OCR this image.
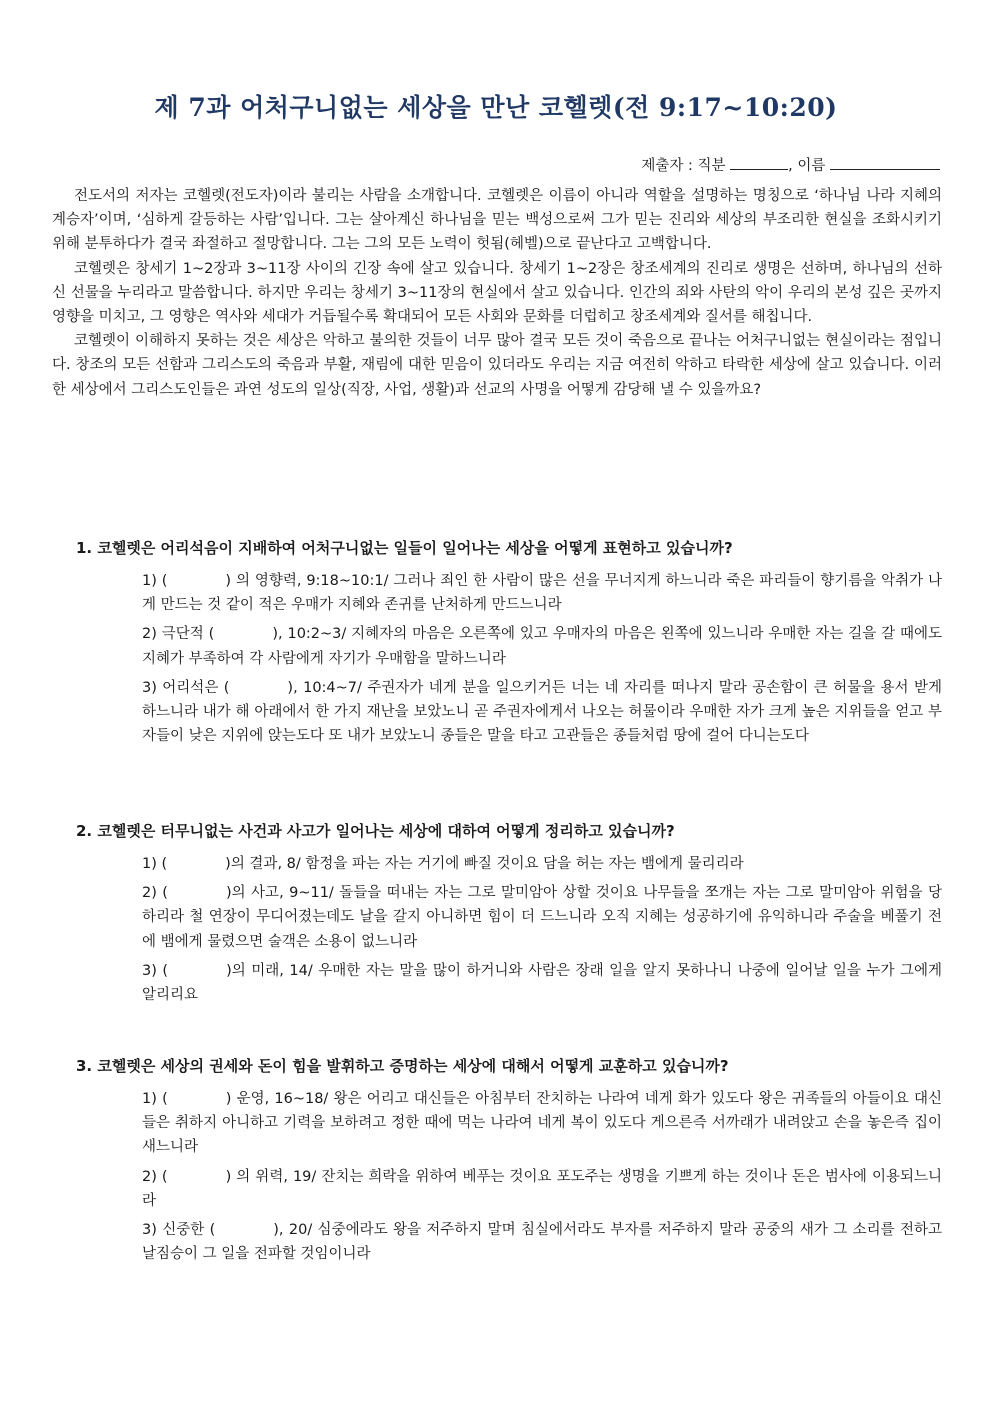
제 7과 어처구니없는 세상을 만난 코헬렛(전 9:17~10:20)
제출자 : 직분	, 이름

전도서의 저자는 코헬렛(전도자)이라 불리는 사람을 소개합니다. 코헬렛은 이름이 아니라 역할을 설명하는 명칭으로 ‘하나님 나라 지혜의 계승자’이며, ‘심하게 갈등하는 사람’입니다. 그는 살아계신 하나님을 믿는 백성으로써 그가 믿는 진리와 세상의 부조리한 현실을 조화시키기 위해 분투하다가 결국 좌절하고 절망합니다. 그는 그의 모든 노력이 헛됨(헤벨)으로 끝난다고 고백합니다.

코헬렛은 창세기 1~2장과 3~11장 사이의 긴장 속에 살고 있습니다. 창세기 1~2장은 창조세계의 진리로 생명은 선하며, 하나님의 선하신 선물을 누리라고 말씀합니다. 하지만 우리는 창세기 3~11장의 현실에서 살고 있습니다. 인간의 죄와 사탄의 악이 우리의 본성 깊은 곳까지 영향을 미치고, 그 영향은 역사와 세대가 거듭될수록 확대되어 모든 사회와 문화를 더럽히고 창조세계와 질서를 해칩니다.

코헬렛이 이해하지 못하는 것은 세상은 악하고 불의한 것들이 너무 많아 결국 모든 것이 죽음으로 끝나는 어처구니없는 현실이라는 점입니다. 창조의 모든 선함과 그리스도의 죽음과 부활, 재림에 대한 믿음이 있더라도 우리는 지금 여전히 악하고 타락한 세상에 살고 있습니다. 이러한 세상에서 그리스도인들은 과연 성도의 일상(직장, 사업, 생활)과 선교의 사명을 어떻게 감당해 낼 수 있을까요?

1. 코헬렛은 어리석음이 지배하여 어처구니없는 일들이 일어나는 세상을 어떻게 표현하고 있습니까?

1) (	) 의 영향력, 9:18~10:1/ 그러나 죄인 한 사람이 많은 선을 무너지게 하느니라 죽은 파리들이 향기름을 악취가 나게 만드는 것 같이 적은 우매가 지혜와 존귀를 난처하게 만드느니라

2) 극단적 (	), 10:2~3/ 지혜자의 마음은 오른쪽에 있고 우매자의 마음은 왼쪽에 있느니라 우매한 자는 길을 갈 때에도 지혜가 부족하여 각 사람에게 자기가 우매함을 말하느니라

3) 어리석은 (	), 10:4~7/ 주권자가 네게 분을 일으키거든 너는 네 자리를 떠나지 말라 공손함이 큰 허물을 용서 받게 하느니라 내가 해 아래에서 한 가지 재난을 보았노니 곧 주권자에게서 나오는 허물이라 우매한 자가 크게 높은 지위들을 얻고 부자들이 낮은 지위에 앉는도다 또 내가 보았노니 종들은 말을 타고 고관들은 종들처럼 땅에 걸어 다니는도다

2. 코헬렛은 터무니없는 사건과 사고가 일어나는 세상에 대하여 어떻게 정리하고 있습니까?

1) (	)의 결과, 8/ 함정을 파는 자는 거기에 빠질 것이요 담을 허는 자는 뱀에게 물리리라

2) (	)의 사고, 9~11/ 돌들을 떠내는 자는 그로 말미암아 상할 것이요 나무들을 쪼개는 자는 그로 말미암아 위험을 당하리라 철 연장이 무디어졌는데도 날을 갈지 아니하면 힘이 더 드느니라 오직 지혜는 성공하기에 유익하니라 주술을 베풀기 전에 뱀에게 물렸으면 술객은 소용이 없느니라

3) (	)의 미래, 14/ 우매한 자는 말을 많이 하거니와 사람은 장래 일을 알지 못하나니 나중에 일어날 일을 누가 그에게 알리리요

3. 코헬렛은 세상의 권세와 돈이 힘을 발휘하고 증명하는 세상에 대해서 어떻게 교훈하고 있습니까?

1) (	) 운영, 16~18/ 왕은 어리고 대신들은 아침부터 잔치하는 나라여 네게 화가 있도다 왕은 귀족들의 아들이요 대신들은 취하지 아니하고 기력을 보하려고 정한 때에 먹는 나라여 네게 복이 있도다 게으른즉 서까래가 내려앉고 손을 놓은즉 집이 새느니라

2) (	) 의 위력, 19/ 잔치는 희락을 위하여 베푸는 것이요 포도주는 생명을 기쁘게 하는 것이나 돈은 범사에 이용되느니라

3) 신중한 (	), 20/ 심중에라도 왕을 저주하지 말며 침실에서라도 부자를 저주하지 말라 공중의 새가 그 소리를 전하고 날짐승이 그 일을 전파할 것임이니라
